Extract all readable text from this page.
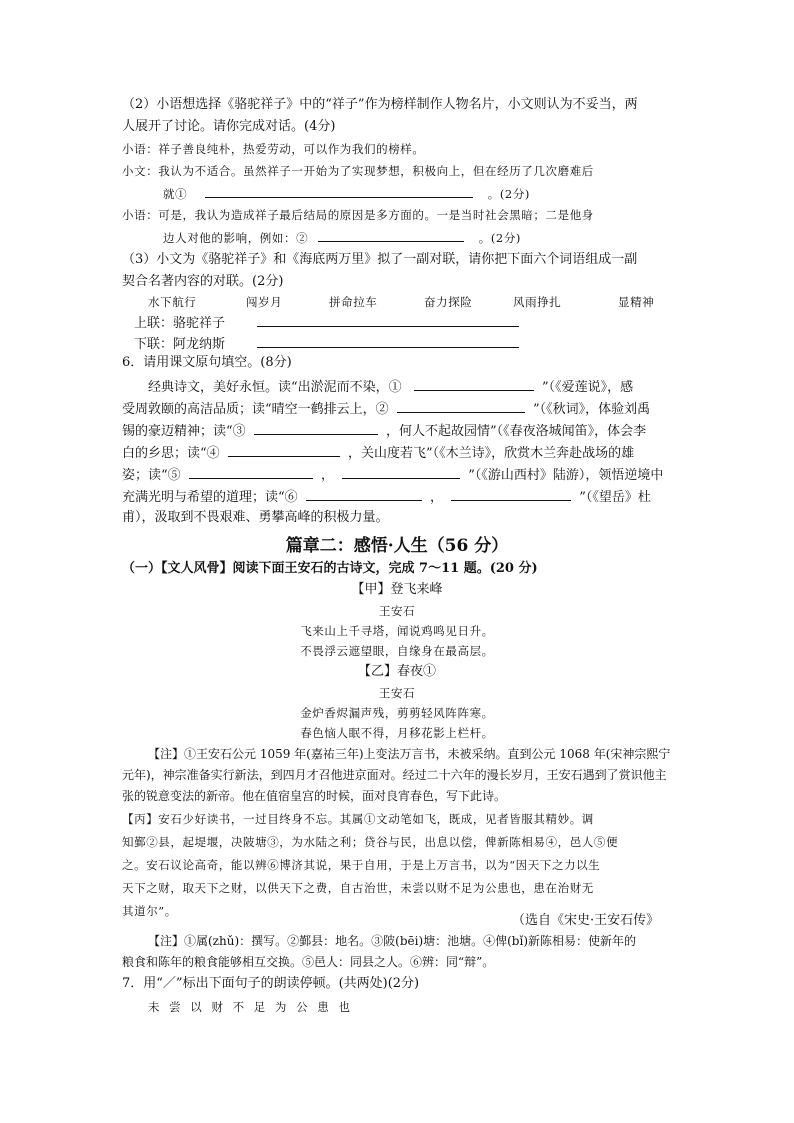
（2）小语想选择《骆驼祥子》中的“祥子”作为榜样制作人物名片，小文则认为不妥当，两
人展开了讨论。请你完成对话。(4分)
小语：祥子善良纯朴，热爱劳动，可以作为我们的榜样。
小文：我认为不适合。虽然祥子一开始为了实现梦想，积极向上，但在经历了几次磨难后
就①	。(2分)
小语：可是，我认为造成祥子最后结局的原因是多方面的。一是当时社会黑暗；二是他身
边人对他的影响，例如：②	。(2分)
（3）小文为《骆驼祥子》和《海底两万里》拟了一副对联，请你把下面六个词语组成一副
契合名著内容的对联。(2分)
水下航行	闯岁月	拼命拉车	奋力探险	风雨挣扎	显精神
上联：骆驼祥子
下联：阿龙纳斯
6．请用课文原句填空。(8分)
经典诗文，美好永恒。读“出淤泥而不染，①	”（《爱莲说》，感
受周敦颐的高洁品质；读“晴空一鹤排云上，②	”（《秋词》，体验刘禹
锡的豪迈精神；读“③	，何人不起故园情”（《春夜洛城闻笛》，体会李
白的乡思；读“④	，关山度若飞”（《木兰诗》，欣赏木兰奔赴战场的雄
姿；读“⑤	，	”（《游山西村》陆游），领悟逆境中
充满光明与希望的道理；读“⑥	，	”（《望岳》杜
甫），汲取到不畏艰难、勇攀高峰的积极力量。
篇章二：感悟·人生（56 分）
（一）【文人风骨】阅读下面王安石的古诗文，完成 7～11 题。(20 分)
【甲】登飞来峰
王安石
飞来山上千寻塔，闻说鸡鸣见日升。
不畏浮云遮望眼，自缘身在最高层。
【乙】春夜①
王安石
金炉香烬漏声残，剪剪轻风阵阵寒。
春色恼人眠不得，月移花影上栏杆。
【注】①王安石公元 1059 年(嘉祐三年)上变法万言书，未被采纳。直到公元 1068 年(宋神宗熙宁
元年)，神宗准备实行新法，到四月才召他进京面对。经过二十六年的漫长岁月，王安石遇到了赏识他主
张的锐意变法的新帝。他在值宿皇宫的时候，面对良宵春色，写下此诗。
【丙】安石少好读书，一过目终身不忘。其属①文动笔如飞，既成，见者皆服其精妙。调
知鄞②县，起堤堰，决陂塘③，为水陆之利；贷谷与民，出息以偿，俾新陈相易④，邑人⑤便
之。安石议论高奇，能以辨⑥博济其说，果于自用，于是上万言书，以为“因天下之力以生
天下之财，取天下之财，以供天下之费，自古治世，未尝以财不足为公患也，患在治财无
其道尔”。
（选自《宋史·王安石传》
【注】①属(zhǔ)：撰写。②鄞县：地名。③陂(bēi)塘：池塘。④俾(bǐ)新陈相易：使新年的
粮食和陈年的粮食能够相互交换。⑤邑人：同县之人。⑥辨：同“辩”。
7．用“／”标出下面句子的朗读停顿。(共两处)(2分)
未 尝 以 财 不 足 为 公 患 也
